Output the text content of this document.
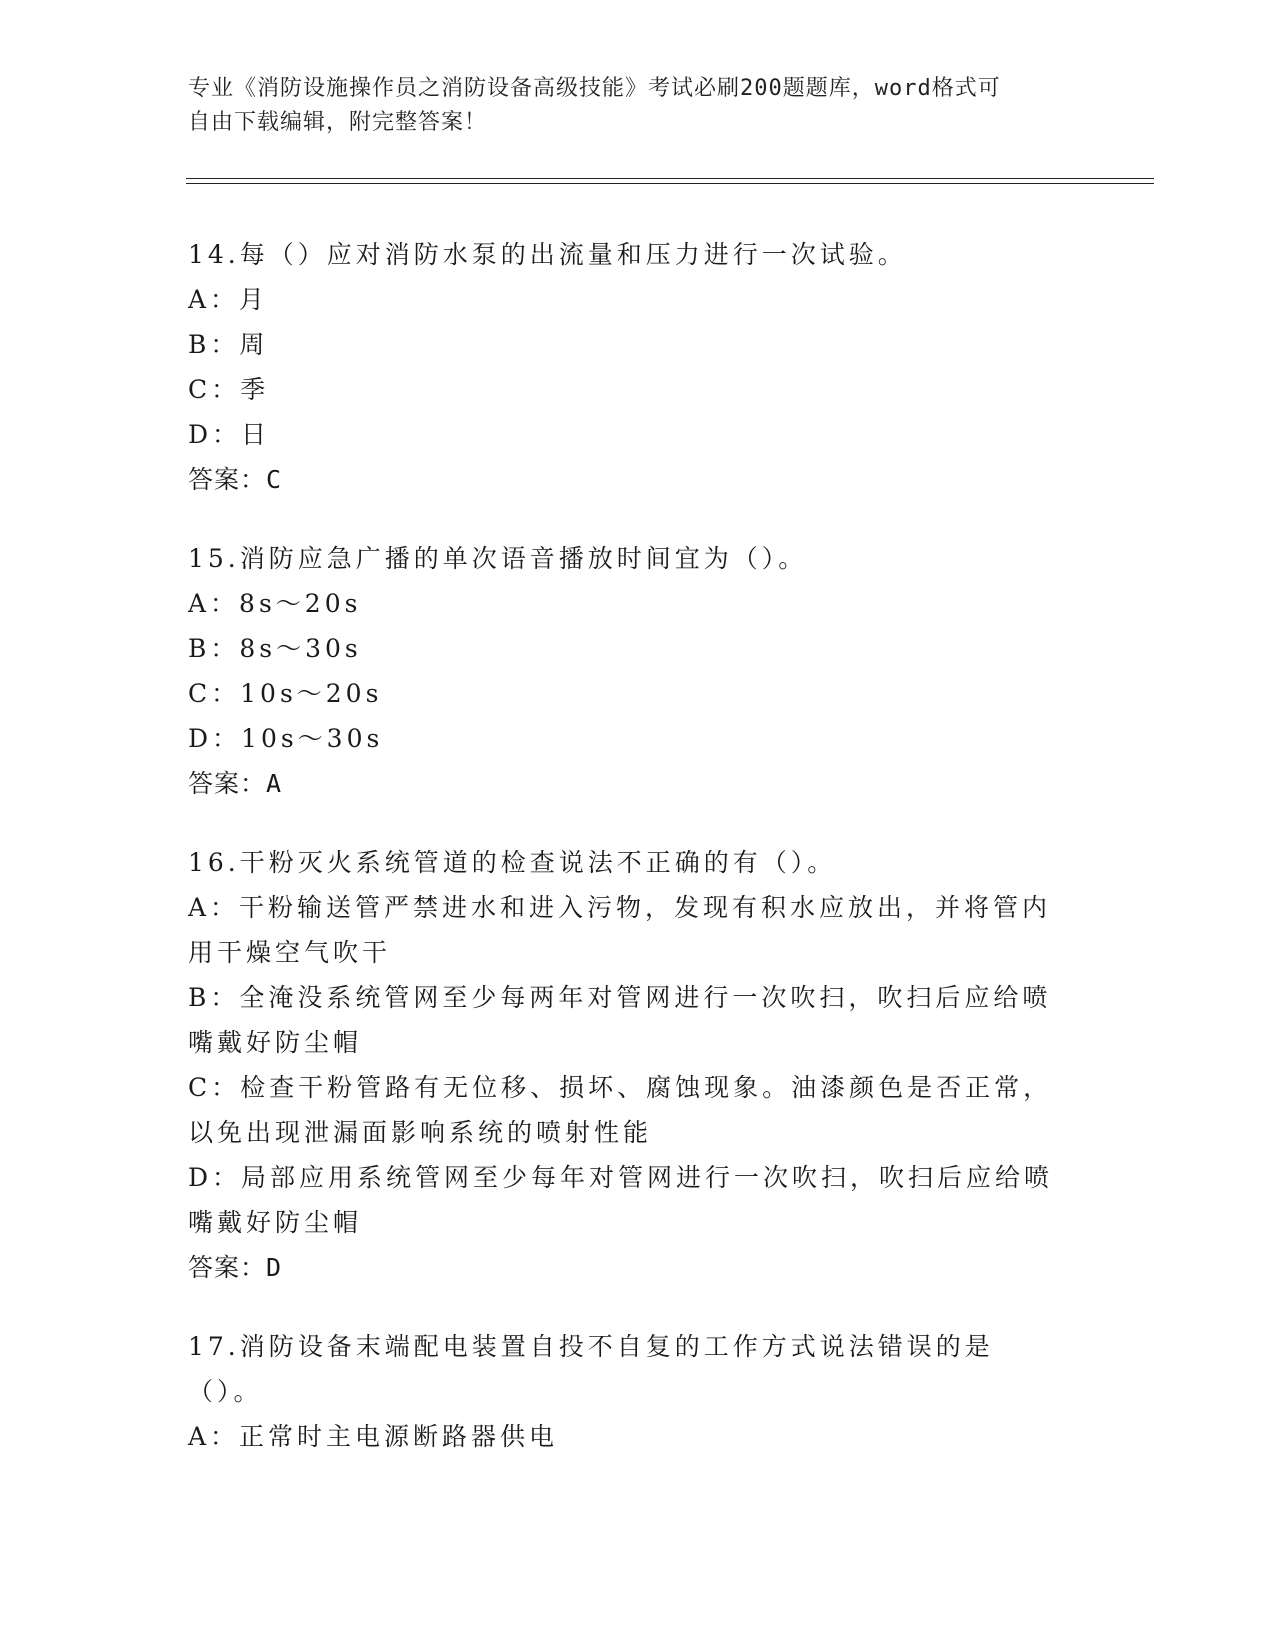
专业《消防设施操作员之消防设备高级技能》考试必刷200题题库，word格式可
自由下载编辑，附完整答案！
14.每（）应对消防水泵的出流量和压力进行一次试验。
A：月
B：周
C：季
D：日
答案：C
15.消防应急广播的单次语音播放时间宜为（）。
A：8s～20s
B：8s～30s
C：10s～20s
D：10s～30s
答案：A
16.干粉灭火系统管道的检查说法不正确的有（）。
A：干粉输送管严禁进水和进入污物，发现有积水应放出，并将管内用干燥空气吹干
B：全淹没系统管网至少每两年对管网进行一次吹扫，吹扫后应给喷嘴戴好防尘帽
C：检查干粉管路有无位移、损坏、腐蚀现象。油漆颜色是否正常，以免出现泄漏面影响系统的喷射性能
D：局部应用系统管网至少每年对管网进行一次吹扫，吹扫后应给喷嘴戴好防尘帽
答案：D
17.消防设备末端配电装置自投不自复的工作方式说法错误的是（）。
A：正常时主电源断路器供电
